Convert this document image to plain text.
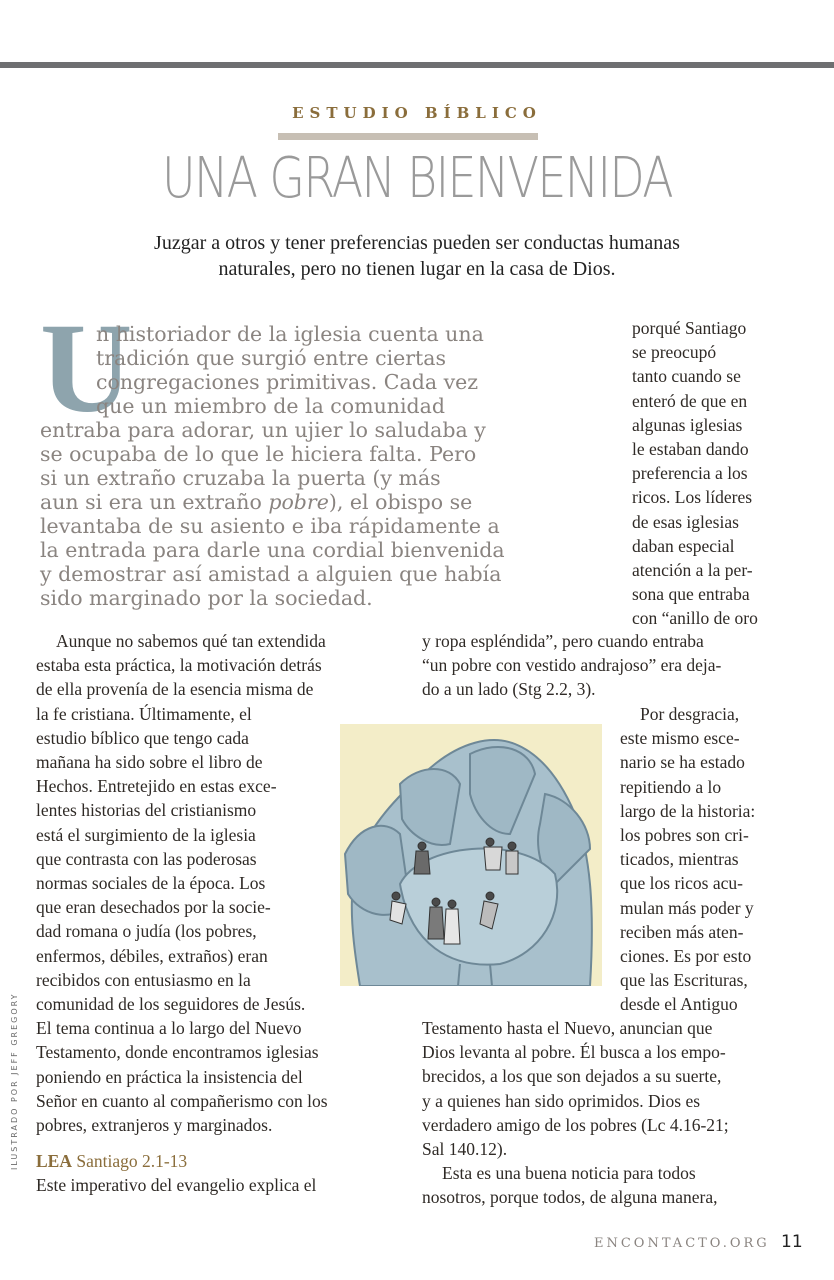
ESTUDIO BÍBLICO
UNA GRAN BIENVENIDA
Juzgar a otros y tener preferencias pueden ser conductas humanas
naturales, pero no tienen lugar en la casa de Dios.
U
n historiador de la iglesia cuenta una
tradición que surgió entre ciertas
congregaciones primitivas. Cada vez
que un miembro de la comunidad
entraba para adorar, un ujier lo saludaba y
se ocupaba de lo que le hiciera falta. Pero
si un extraño cruzaba la puerta (y más
aun si era un extraño pobre), el obispo se
levantaba de su asiento e iba rápidamente a
la entrada para darle una cordial bienvenida
y demostrar así amistad a alguien que había
sido marginado por la sociedad.
porqué Santiago
se preocupó
tanto cuando se
enteró de que en
algunas iglesias
le estaban dando
preferencia a los
ricos. Los líderes
de esas iglesias
daban especial
atención a la per-
sona que entraba
con “anillo de oro
Aunque no sabemos qué tan extendida
estaba esta práctica, la motivación detrás
de ella provenía de la esencia misma de
la fe cristiana. Últimamente, el
estudio bíblico que tengo cada
mañana ha sido sobre el libro de
Hechos. Entretejido en estas exce-
lentes historias del cristianismo
está el surgimiento de la iglesia
que contrasta con las poderosas
normas sociales de la época. Los
que eran desechados por la socie-
dad romana o judía (los pobres,
enfermos, débiles, extraños) eran
recibidos con entusiasmo en la
comunidad de los seguidores de Jesús.
El tema continua a lo largo del Nuevo
Testamento, donde encontramos iglesias
poniendo en práctica la insistencia del
Señor en cuanto al compañerismo con los
pobres, extranjeros y marginados.
LEA Santiago 2.1-13
Este imperativo del evangelio explica el
y ropa espléndida”, pero cuando entraba
“un pobre con vestido andrajoso” era deja-
do a un lado (Stg 2.2, 3).
Por desgracia,
este mismo esce-
nario se ha estado
repitiendo a lo
largo de la historia:
los pobres son cri-
ticados, mientras
que los ricos acu-
mulan más poder y
reciben más aten-
ciones. Es por esto
que las Escrituras,
desde el Antiguo
Testamento hasta el Nuevo, anuncian que
Dios levanta al pobre. Él busca a los empo-
brecidos, a los que son dejados a su suerte,
y a quienes han sido oprimidos. Dios es
verdadero amigo de los pobres (Lc 4.16-21;
Sal 140.12).
Esta es una buena noticia para todos
nosotros, porque todos, de alguna manera,
ILUSTRADO POR JEFF GREGORY
ENCONTACTO.ORG 11
